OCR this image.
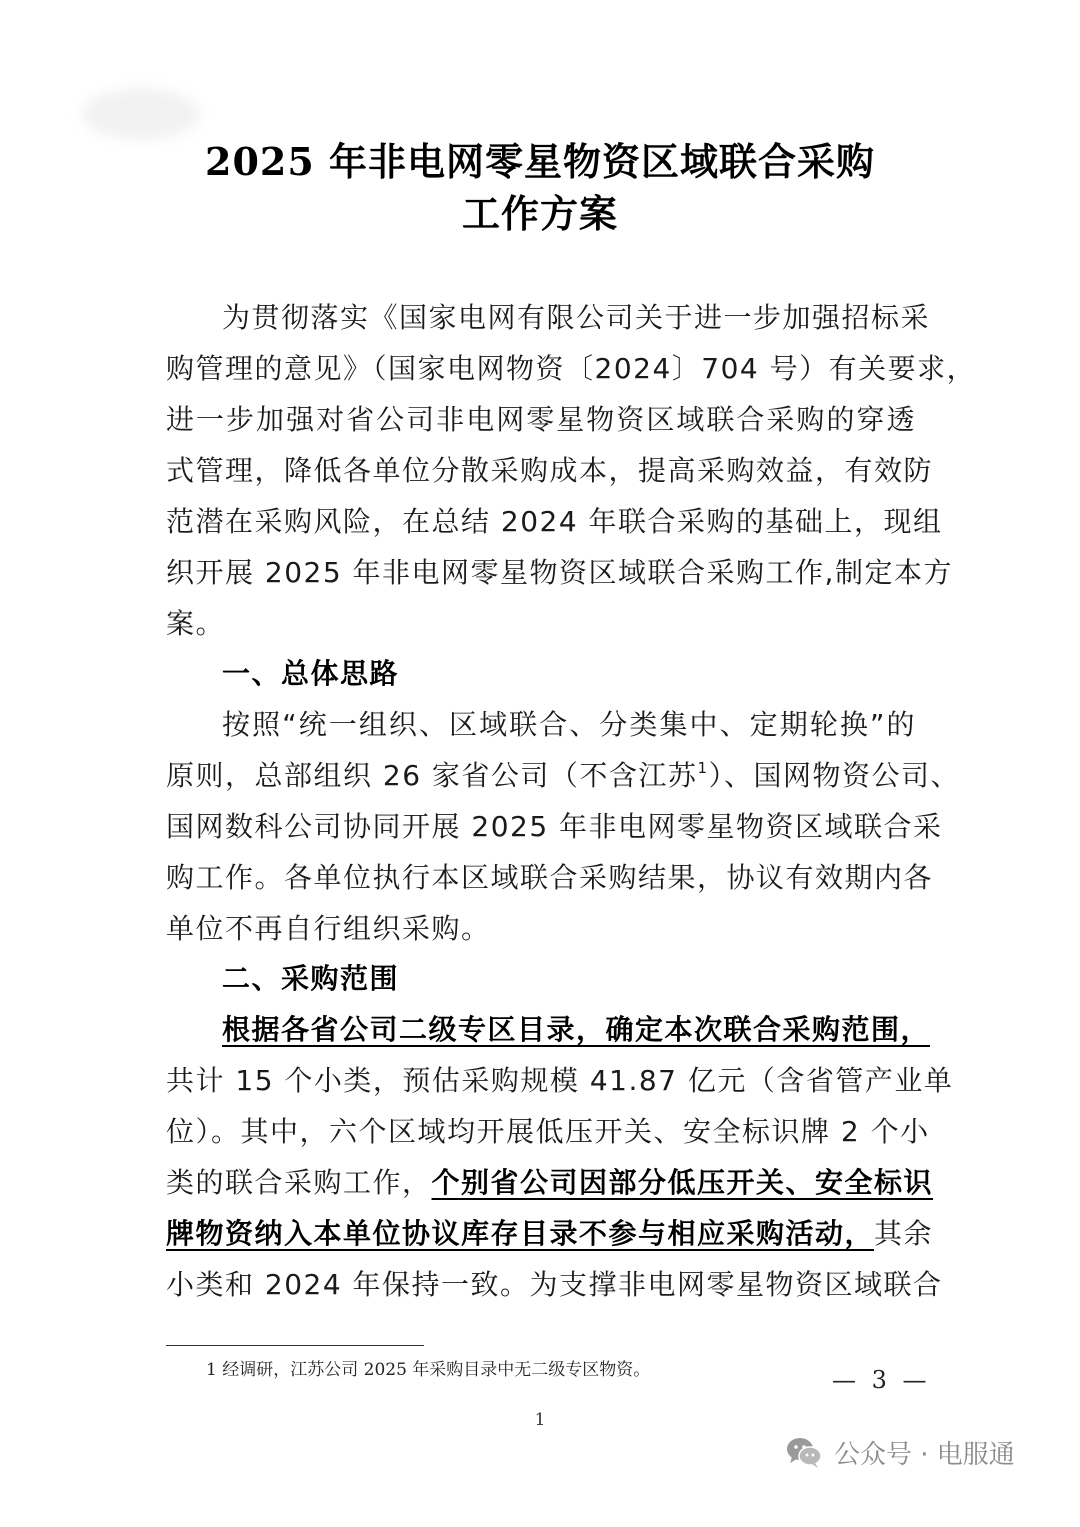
2025 年非电网零星物资区域联合采购
工作方案
为贯彻落实《国家电网有限公司关于进一步加强招标采
购管理的意见》（国家电网物资〔2024〕704 号）有关要求，
进一步加强对省公司非电网零星物资区域联合采购的穿透
式管理，降低各单位分散采购成本，提高采购效益，有效防
范潜在采购风险，在总结 2024 年联合采购的基础上，现组
织开展 2025 年非电网零星物资区域联合采购工作,制定本方
案。
一、总体思路
按照“统一组织、区域联合、分类集中、定期轮换”的
原则，总部组织 26 家省公司（不含江苏$^1$）、国网物资公司、
国网数科公司协同开展 2025 年非电网零星物资区域联合采
购工作。各单位执行本区域联合采购结果，协议有效期内各
单位不再自行组织采购。
二、采购范围
根据各省公司二级专区目录，确定本次联合采购范围，
共计 15 个小类，预估采购规模 41.87 亿元（含省管产业单
位）。其中，六个区域均开展低压开关、安全标识牌 2 个小
类的联合采购工作，个别省公司因部分低压开关、安全标识
牌物资纳入本单位协议库存目录不参与相应采购活动，其余
小类和 2024 年保持一致。为支撑非电网零星物资区域联合
1 经调研，江苏公司 2025 年采购目录中无二级专区物资。	— 3 —
1
公众号 · 电服通
